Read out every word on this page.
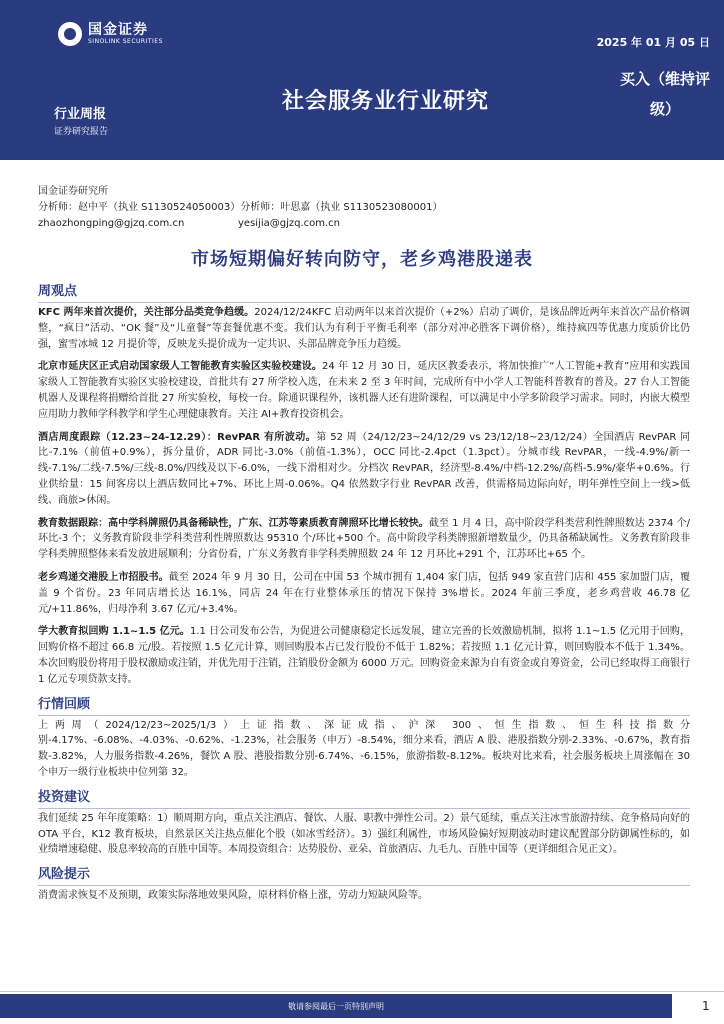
国金证券
SINOLINK SECURITIES	2025 年 01 月 05 日
社会服务业行业研究
买入（维持评级）
行业周报
证券研究报告
国金证券研究所
分析师：赵中平（执业 S1130524050003）分析师：叶思嘉（执业 S1130523080001）
zhaozhongping@gjzq.com.cn	yesijia@gjzq.com.cn
市场短期偏好转向防守，老乡鸡港股递表
周观点

KFC 两年来首次提价，关注部分品类竞争趋缓。2024/12/24KFC 启动两年以来首次提价（+2%）启动了调价，是该品牌近两年来首次产品价格调整，“疯日”活动、“OK 餐”及“儿童餐”等套餐优惠不变。我们认为有利于平衡毛利率（部分对冲必胜客下调价格），维持疯四等优惠力度质价比仍强，蜜雪冰城 12 月提价等，反映龙头提价成为一定共识、头部品牌竞争压力趋缓。

北京市延庆区正式启动国家级人工智能教育实验区实验校建设。24 年 12 月 30 日，延庆区教委表示，将加快推广“人工智能+教育”应用和实践国家级人工智能教育实验区实验校建设，首批共有 27 所学校入选，在未来 2 至 3 年时间，完成所有中小学人工智能科普教育的普及。27 台人工智能机器人及课程将捐赠给首批 27 所实验校，每校一台。除通识课程外，该机器人还有进阶课程，可以满足中小学多阶段学习需求。同时，内嵌大模型应用助力教师学科教学和学生心理健康教育。关注 AI+教育投资机会。

酒店周度跟踪（12.23~24-12.29）：RevPAR 有所波动。第 52 周（24/12/23~24/12/29 vs 23/12/18~23/12/24）全国酒店 RevPAR 同比-7.1%（前值+0.9%），拆分量价，ADR 同比-3.0%（前值-1.3%），OCC 同比-2.4pct（1.3pct）。分城市线 RevPAR，一线-4.9%/新一线-7.1%/二线-7.5%/三线-8.0%/四线及以下-6.0%，一线下滑相对少。分档次 RevPAR，经济型-8.4%/中档-12.2%/高档-5.9%/豪华+0.6%。行业供给量：15 间客房以上酒店数同比+7%、环比上周-0.06%。Q4 依然数字行业 RevPAR 改善，供需格局边际向好，明年弹性空间上一线>低线、商旅>休闲。

教育数据跟踪：高中学科牌照仍具备稀缺性，广东、江苏等素质教育牌照环比增长较快。截至 1 月 4 日，高中阶段学科类营利性牌照数达 2374 个/环比-3 个；义务教育阶段非学科类营利性牌照数达 95310 个/环比+500 个。高中阶段学科类牌照新增数量少，仍具备稀缺属性。义务教育阶段非学科类牌照整体来看发放进展顺利；分省份看，广东义务教育非学科类牌照数 24 年 12 月环比+291 个，江苏环比+65 个。

老乡鸡递交港股上市招股书。截至 2024 年 9 月 30 日，公司在中国 53 个城市拥有 1,404 家门店，包括 949 家直营门店和 455 家加盟门店，覆盖 9 个省份。23 年同店增长达 16.1%，同店 24 年在行业整体承压的情况下保持 3%增长。2024 年前三季度，老乡鸡营收 46.78 亿元/+11.86%，归母净利 3.67 亿元/+3.4%。

学大教育拟回购 1.1~1.5 亿元。1.1 日公司发布公告，为促进公司健康稳定长远发展，建立完善的长效激励机制，拟将 1.1~1.5 亿元用于回购，回购价格不超过 66.8 元/股。若按照 1.5 亿元计算，则回购股本占已发行股份不低于 1.82%；若按照 1.1 亿元计算，则回购股本不低于 1.34%。本次回购股份将用于股权激励或注销，并优先用于注销，注销股份金额为 6000 万元。回购资金来源为自有资金或自筹资金，公司已经取得工商银行 1 亿元专项贷款支持。

行情回顾

上两周（2024/12/23~2025/1/3）上证指数、深证成指、沪深 300、恒生指数、恒生科技指数分别-4.17%、-6.08%、-4.03%、-0.62%、-1.23%，社会服务（申万）-8.54%，细分来看，酒店 A 股、港股指数分别-2.33%、-0.67%，教育指数-3.82%，人力服务指数-4.26%，餐饮 A 股、港股指数分别-6.74%、-6.15%，旅游指数-8.12%。板块对比来看，社会服务板块上周涨幅在 30 个申万一级行业板块中位列第 32。

投资建议

我们延续 25 年年度策略：1）顺周期方向，重点关注酒店、餐饮、人服、职教中弹性公司。2）景气延续，重点关注冰雪旅游持续、竞争格局向好的 OTA 平台，K12 教育板块，自然景区关注热点催化个股（如冰雪经济）。3）强红利属性，市场风险偏好短期波动时建议配置部分防御属性标的，如业绩增速稳健、股息率较高的百胜中国等。本周投资组合：达势股份、亚朵、首旅酒店、九毛九、百胜中国等（更详细组合见正文）。

风险提示

消费需求恢复不及预期，政策实际落地效果风险，原材料价格上涨，劳动力短缺风险等。

敬请参阅最后一页特别声明	1
